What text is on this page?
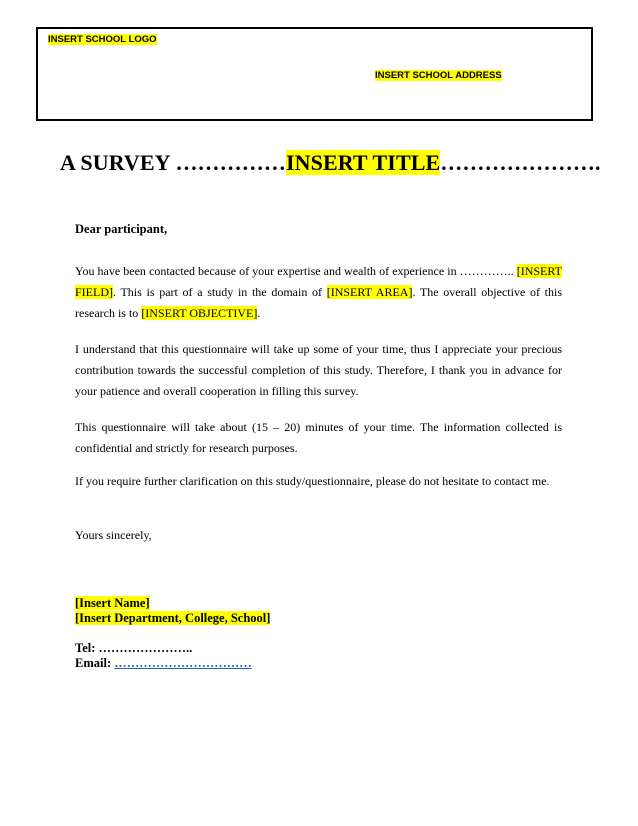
INSERT SCHOOL LOGO
INSERT SCHOOL ADDRESS
A SURVEY ……………INSERT TITLE………………….
Dear participant,
You have been contacted because of your expertise and wealth of experience in ………….. [INSERT FIELD]. This is part of a study in the domain of [INSERT AREA]. The overall objective of this research is to [INSERT OBJECTIVE].
I understand that this questionnaire will take up some of your time, thus I appreciate your precious contribution towards the successful completion of this study. Therefore, I thank you in advance for your patience and overall cooperation in filling this survey.
This questionnaire will take about (15 – 20) minutes of your time. The information collected is confidential and strictly for research purposes.
If you require further clarification on this study/questionnaire, please do not hesitate to contact me.
Yours sincerely,
[Insert Name]
[Insert Department, College, School]
Tel: …………………..
Email: ……………………………
